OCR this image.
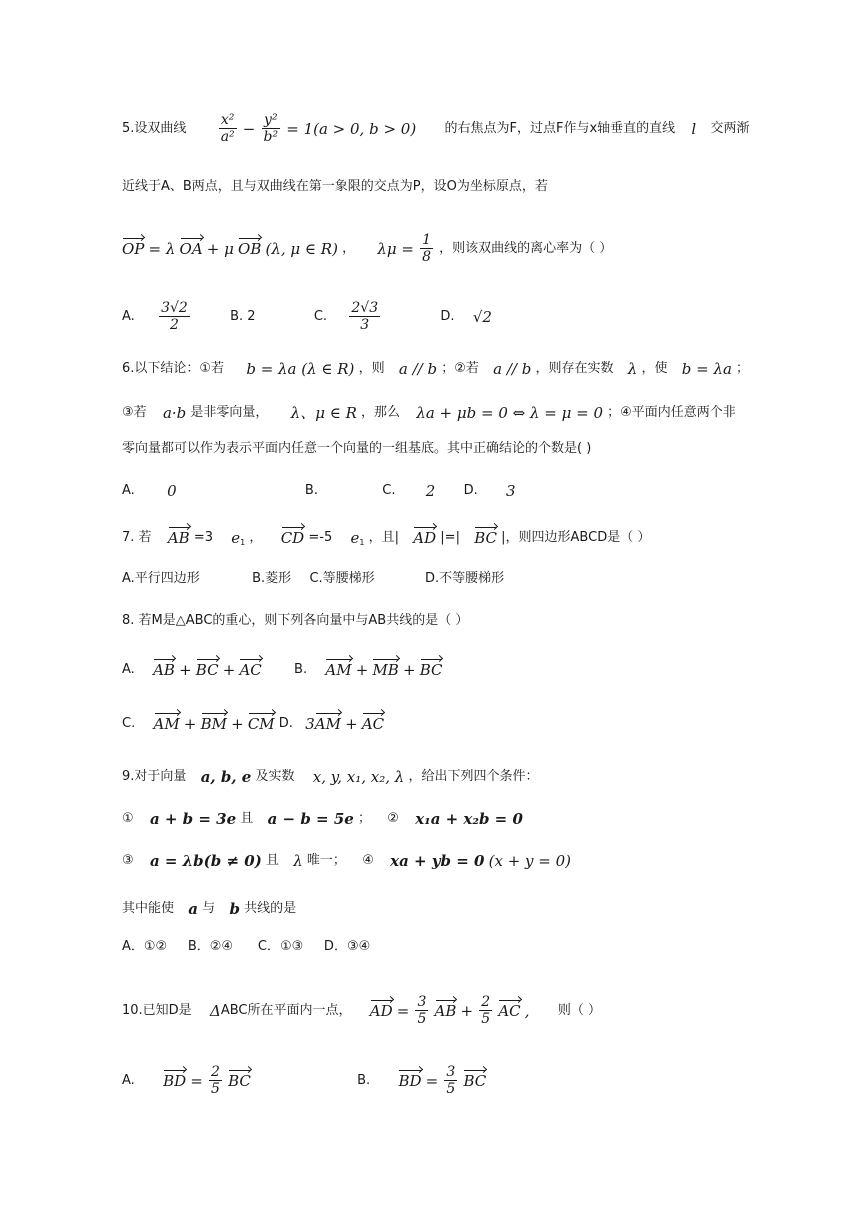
5.设双曲线 $\frac{\text{x²}}{\text{a²}} - \frac{\text{y²}}{\text{b²}} = 1(a > 0$, b > 0) 的右焦点为F，过点F作与x轴垂直的直线 l 交两渐
近线于A、B两点，且与双曲线在第一象限的交点为P，设O为坐标原点，若
OP = λ OA + μ OB (λ, μ ∈ R) ， $\lambda\mu = \frac{1}{8}$ ，则该双曲线的离心率为（ ）
A. $\frac{3√2}{2}$	B. 2	C. $\frac{2√3}{3}$	D. √2
6.以下结论：①若 b = λa (λ ∈ R) ，则 a // b ；②若 a // b ，则存在实数 λ ，使 b = λa ；
③若 a·b 是非零向量， λ、μ ∈ R ，那么 λa + μb = 0 ⇔ λ = μ = 0 ；④平面内任意两个非
零向量都可以作为表示平面内任意一个向量的一组基底。其中正确结论的个数是( )
A. 0	B.	C. 2 D. 3
7. 若 AB =3 e1 ， CD =-5 e1 ，且| AD |=| BC |，则四边形ABCD是（ ）
A.平行四边形	B.菱形 C.等腰梯形	D.不等腰梯形
8. 若M是△ABC的重心，则下列各向量中与AB共线的是（ ）
A. AB + BC + AC B. AM + MB + BC
C. AM + BM + CM D. 3AM + AC
9.对于向量 a, b, e 及实数 x, y, x₁, x₂, λ ，给出下列四个条件：
① a + b = 3e 且 a − b = 5e ； ② x₁a + x₂b = 0
③ a = λb(b ≠ 0) 且 λ 唯一； ④ xa + yb = 0 (x + y = 0)
其中能使 a 与 b 共线的是
A．①②     B．②④      C．①③     D．③④
10.已知D是 ΔABC所在平面内一点， AD = $\frac{3}{5}$ AB + $\frac{2}{5}$ AC , 则（ ）
A. BD = $\frac{2}{5}$ BC	B. BD = $\frac{3}{5}$ BC
